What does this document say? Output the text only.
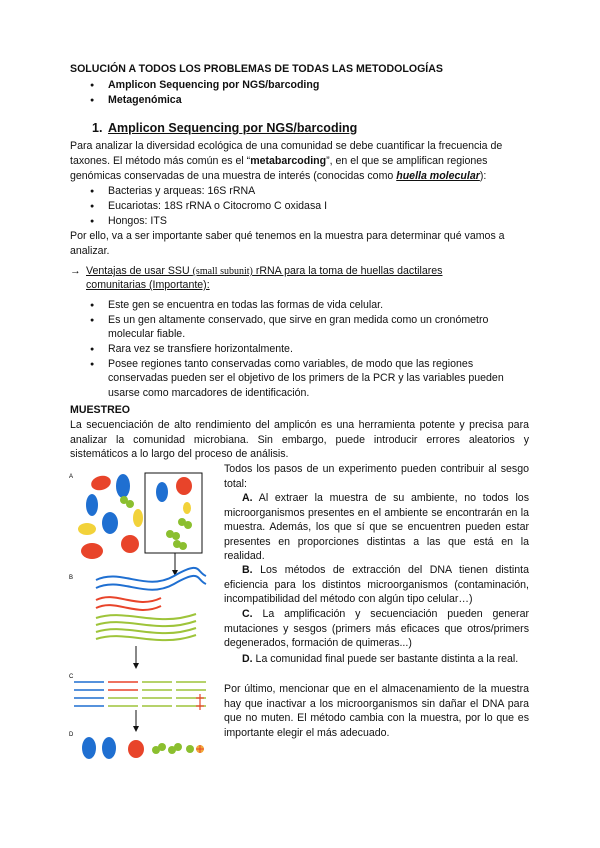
SOLUCIÓN A TODOS LOS PROBLEMAS DE TODAS LAS METODOLOGÍAS
● Amplicon Sequencing por NGS/barcoding
● Metagenómica
1. Amplicon Sequencing por NGS/barcoding
Para analizar la diversidad ecológica de una comunidad se debe cuantificar la frecuencia de
taxones. El método más común es el “metabarcoding”, en el que se amplifican regiones
genómicas conservadas de una muestra de interés (conocidas como huella molecular):
● Bacterias y arqueas: 16S rRNA
● Eucariotas: 18S rRNA o Citocromo C oxidasa I
● Hongos: ITS
Por ello, va a ser importante saber qué tenemos en la muestra para determinar qué vamos a
analizar.
→ Ventajas de usar SSU (small subunit) rRNA para la toma de huellas dactilares
comunitarias (Importante):
● Este gen se encuentra en todas las formas de vida celular.
● Es un gen altamente conservado, que sirve en gran medida como un cronómetro
molecular fiable.
● Rara vez se transfiere horizontalmente.
● Posee regiones tanto conservadas como variables, de modo que las regiones
conservadas pueden ser el objetivo de los primers de la PCR y las variables pueden
usarse como marcadores de identificación.
MUESTREO
La secuenciación de alto rendimiento del amplicón es una herramienta potente y precisa para analizar la comunidad microbiana. Sin embargo, puede introducir errores aleatorios y sistemáticos a lo largo del proceso de análisis.
Todos los pasos de un experimento pueden contribuir al sesgo total:
A. Al extraer la muestra de su ambiente, no todos los microorganismos presentes en el ambiente se encontrarán en la muestra. Además, los que sí que se encuentren pueden estar presentes en proporciones distintas a las que está en la realidad.
B. Los métodos de extracción del DNA tienen distinta eficiencia para los distintos microorganismos (contaminación, incompatibilidad del método con algún tipo celular…)
C. La amplificación y secuenciación pueden generar mutaciones y sesgos (primers más eficaces que otros/primers degenerados, formación de quimeras...)
D. La comunidad final puede ser bastante distinta a la real.
Por último, mencionar que en el almacenamiento de la muestra hay que inactivar a los microorganismos sin dañar el DNA para que no muten. El método cambia con la muestra, por lo que es importante elegir el más adecuado.
A
B
C
D
